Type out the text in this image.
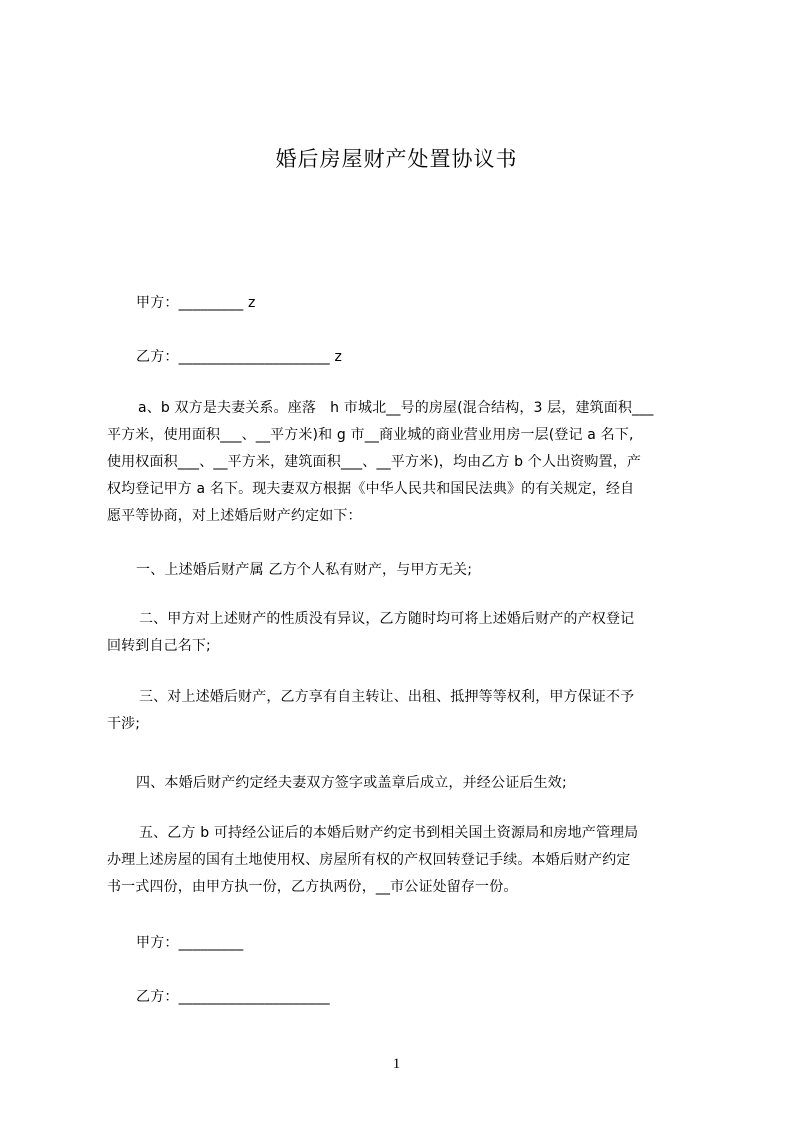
婚后房屋财产处置协议书
甲方：_________ z
乙方：_____________________ z
a、b 双方是夫妻关系。座落　h 市城北__号的房屋(混合结构，3 层，建筑面积___
平方米，使用面积___、__平方米)和 g 市__商业城的商业营业用房一层(登记 a 名下,
使用权面积___、__平方米，建筑面积___、__平方米)，均由乙方 b 个人出资购置，产
权均登记甲方 a 名下。现夫妻双方根据《中华人民共和国民法典》的有关规定，经自
愿平等协商，对上述婚后财产约定如下：
一、上述婚后财产属 乙方个人私有财产，与甲方无关;
二、甲方对上述财产的性质没有异议，乙方随时均可将上述婚后财产的产权登记
回转到自己名下;
三、对上述婚后财产，乙方享有自主转让、出租、抵押等等权利，甲方保证不予
干涉;
四、本婚后财产约定经夫妻双方签字或盖章后成立，并经公证后生效;
五、乙方 b 可持经公证后的本婚后财产约定书到相关国土资源局和房地产管理局
办理上述房屋的国有土地使用权、房屋所有权的产权回转登记手续。本婚后财产约定
书一式四份，由甲方执一份，乙方执两份，__市公证处留存一份。
甲方：_________
乙方：_____________________
1
